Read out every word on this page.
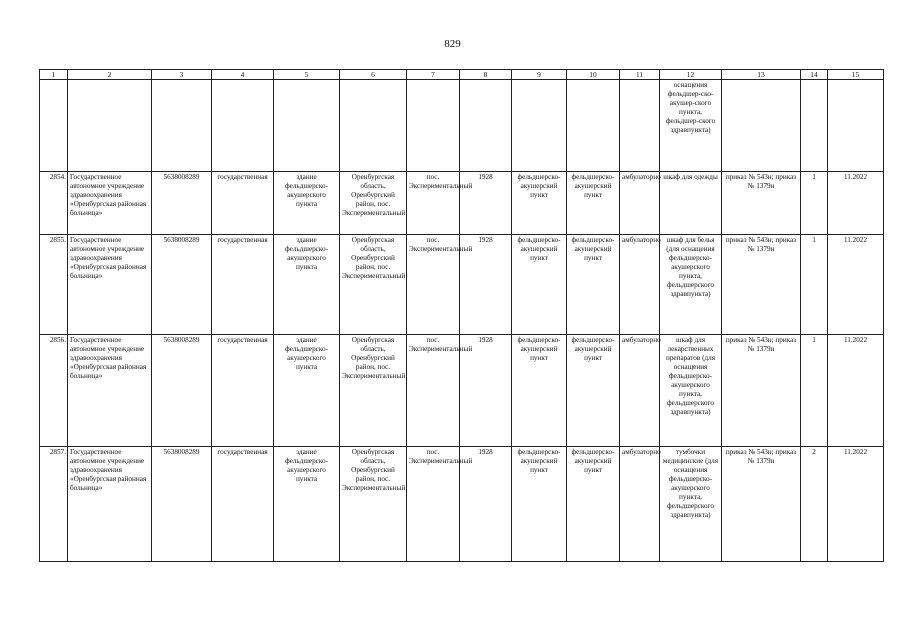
829
1	2	3	4	5	6	7	8	9	10	11	12	13	14	15
											оснащения фельдшер-ско-акушер-ского пункта, фельдшер-ского здравпункта)			
2854.	Государственное автономное учреждение здравоохранения «Оренбургская районная больница»	5638008289	государственная	здание фельдшерско-акушерского пункта	Оренбургская область, Оренбургский район, пос. Экспериментальный	пос. Экспериментальный	1928	фельдшерско-акушерский пункт	фельдшерско-акушерский пункт	амбулаторно	шкаф для одежды	приказ № 543н; приказ № 1379н	1	11.2022
2855.	Государственное автономное учреждение здравоохранения «Оренбургская районная больница»	5638008289	государственная	здание фельдшерско-акушерского пункта	Оренбургская область, Оренбургский район, пос. Экспериментальный	пос. Экспериментальный	1928	фельдшерско-акушерский пункт	фельдшерско-акушерский пункт	амбулаторно	шкаф для белья (для оснащения фельдшерско-акушерского пункта, фельдшерского здравпункта)	приказ № 543н; приказ № 1379н	1	11.2022
2856.	Государственное автономное учреждение здравоохранения «Оренбургская районная больница»	5638008289	государственная	здание фельдшерско-акушерского пункта	Оренбургская область, Оренбургский район, пос. Экспериментальный	пос. Экспериментальный	1928	фельдшерско-акушерский пункт	фельдшерско-акушерский пункт	амбулаторно	шкаф для лекарственных препаратов (для оснащения фельдшерско-акушерского пункта, фельдшерского здравпункта)	приказ № 543н; приказ № 1379н	1	11.2022
2857.	Государственное автономное учреждение здравоохранения «Оренбургская районная больница»	5638008289	государственная	здание фельдшерско-акушерского пункта	Оренбургская область, Оренбургский район, пос. Экспериментальный	пос. Экспериментальный	1928	фельдшерско-акушерский пункт	фельдшерско-акушерский пункт	амбулаторно	тумбочки медицинские (для оснащения фельдшерско-акушерского пункта, фельдшерского здравпункта)	приказ № 543н; приказ № 1379н	2	11.2022
